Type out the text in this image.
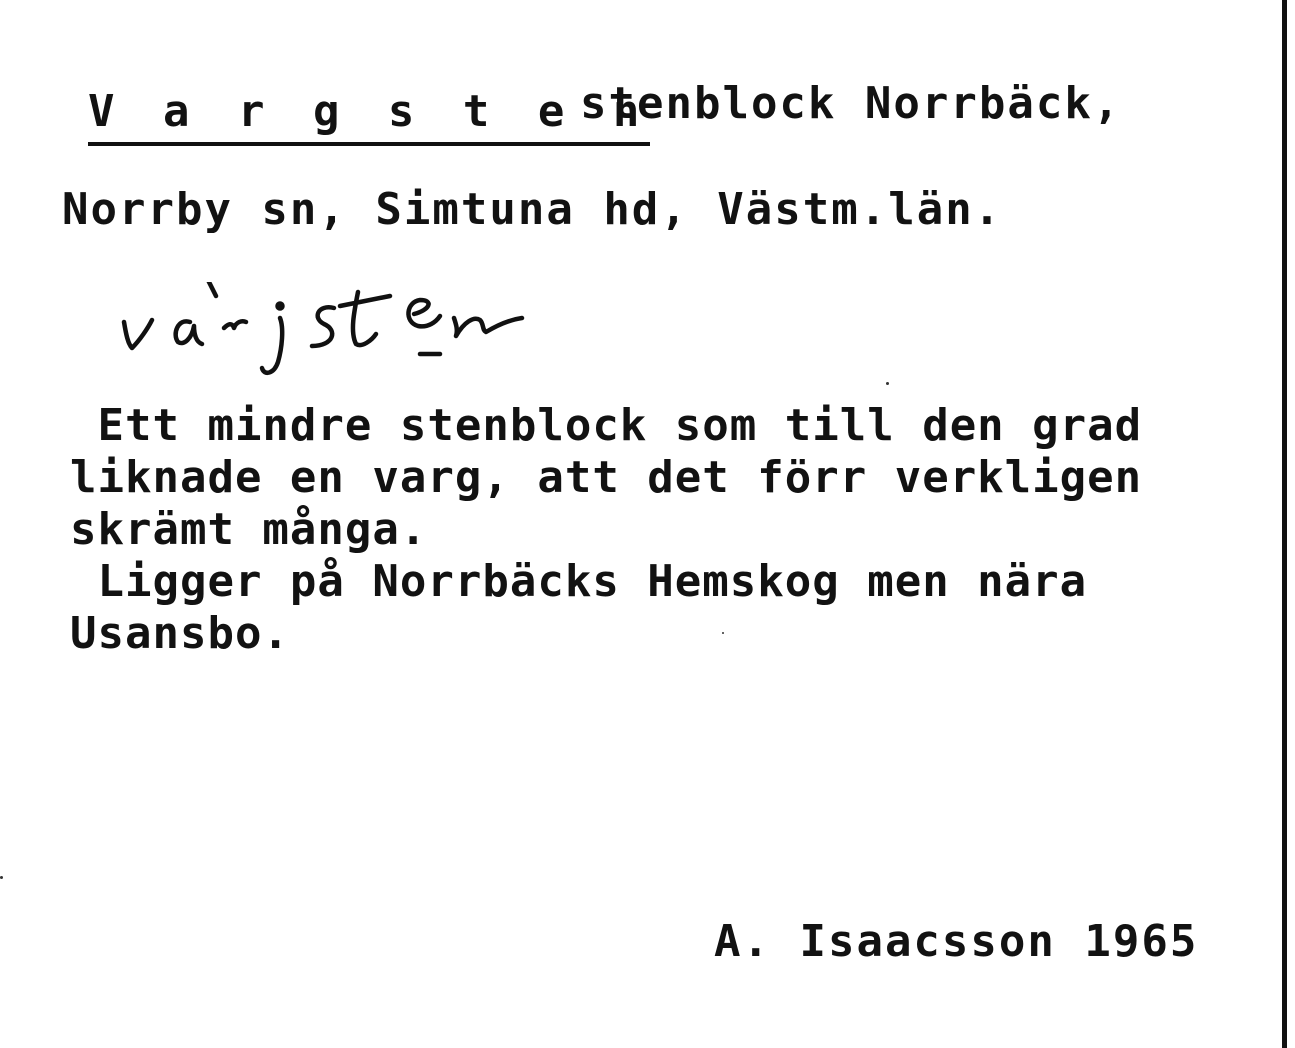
V a r g s t e n
stenblock Norrbäck,
Norrby sn, Simtuna hd, Västm.län.
Ett mindre stenblock som till den grad
liknade en varg, att det förr verkligen
skrämt många.
Ligger på Norrbäcks Hemskog men nära
Usansbo.
A. Isaacsson 1965
